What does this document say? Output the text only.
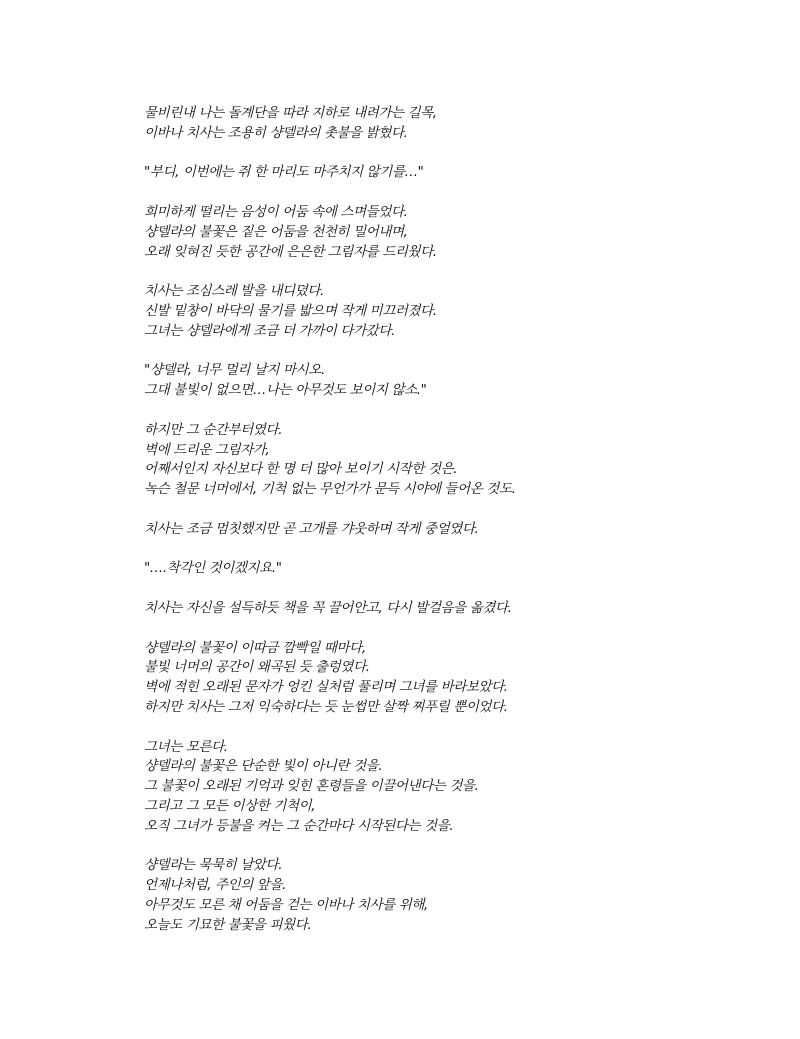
물비린내 나는 돌계단을 따라 지하로 내려가는 길목,
이바나 치사는 조용히 샹델라의 촛불을 밝혔다.

"부디, 이번에는 쥐 한 마리도 마주치지 않기를…"

희미하게 떨리는 음성이 어둠 속에 스며들었다.
샹델라의 불꽃은 짙은 어둠을 천천히 밀어내며,
오래 잊혀진 듯한 공간에 은은한 그림자를 드리웠다.

치사는 조심스레 발을 내디뎠다.
신발 밑창이 바닥의 물기를 밟으며 작게 미끄러졌다.
그녀는 샹델라에게 조금 더 가까이 다가갔다.

"샹델라, 너무 멀리 날지 마시오.
그대 불빛이 없으면…나는 아무것도 보이지 않소."

하지만 그 순간부터였다.
벽에 드리운 그림자가,
어째서인지 자신보다 한 명 더 많아 보이기 시작한 것은.
녹슨 철문 너머에서, 기척 없는 무언가가 문득 시야에 들어온 것도.

치사는 조금 멈칫했지만 곧 고개를 갸웃하며 작게 중얼였다.

"….착각인 것이겠지요."

치사는 자신을 설득하듯 책을 꼭 끌어안고, 다시 발걸음을 옮겼다.

샹델라의 불꽃이 이따금 깜빡일 때마다,
불빛 너머의 공간이 왜곡된 듯 출렁였다.
벽에 적힌 오래된 문자가 엉킨 실처럼 풀리며 그녀를 바라보았다.
하지만 치사는 그저 익숙하다는 듯 눈썹만 살짝 찌푸릴 뿐이었다.

그녀는 모른다.
샹델라의 불꽃은 단순한 빛이 아니란 것을.
그 불꽃이 오래된 기억과 잊힌 혼령들을 이끌어낸다는 것을.
그리고 그 모든 이상한 기척이,
오직 그녀가 등불을 켜는 그 순간마다 시작된다는 것을.

샹델라는 묵묵히 날았다.
언제나처럼, 주인의 앞을.
아무것도 모른 채 어둠을 걷는 이바나 치사를 위해,
오늘도 기묘한 불꽃을 피웠다.
